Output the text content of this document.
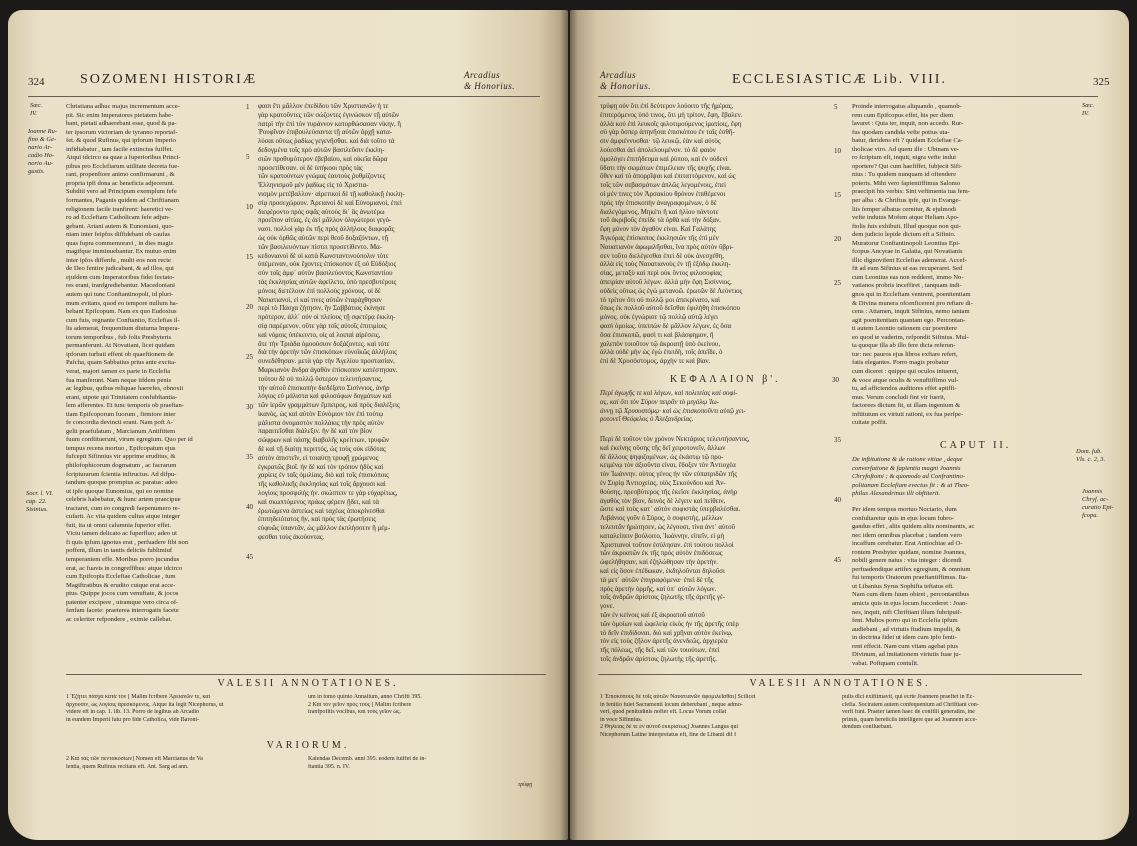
324	SOZOMENI HISTORIÆ	Arcadius
& Honorius.
Sæc.
IV.
Ioanne Ru-
fino & Ge-
nario Ar-
cadio Ho-
norio Au-
gustis.
Socr. l. VI.
cap. 22.
Sisinius.
Christiana adhuc majus incrementum acce-
pit. Sic enim Imperatores pietatem habe-
bant, pietati adhaerebant esse, quod & pa-
ter ipsorum victoriam de tyranno reportaf-
fet. & quod Rufinus, qui ipforum Imperio
infidiabatur , tam facile extinctus fuiffet.
Atqui idcirco ea quae a fuperioribus Princi-
pibus pro Ecclefiarum utilitate decreta fue-
rant, propenfiore animo confirmarunt , &
propria ipfi dona ac beneficia adjecerunt.
Subditi vero ad Principum exemplum fefe
formantes, Paganis quidem ad Chriftianam
religionem facile tranfirent: haeretici ve-
ro ad Ecclefiam Catholicam fefe adjun-
gebant. Ariani autem & Eunomiani, quo-
niam inter feipfos diffidebant ob caufas
quas fupra commemoravi , in dies magis
magifque imminuebantur. Ex mutuo enim
inter ipfos diffenfu , multi eos non recte
de Deo fentire judicabant, & ad illos, qui
ejufdem cum Imperatoribus fidei fectato-
res erant, tranfgrediebantur. Macedoniani
autem qui tunc Conftantinopoli, id pluri-
mum evitans, quod eo tempore nullum ha-
bebant Epifcopum. Nam ex quo Eudoxius
cum fuis, regnante Conftantio, Ecclefias il-
lis ademerat, frequentium diuturna Impera-
torum temporibus , fub folis Presbyteris
permanferunt. At Novatiani, licet quidam
ipforum turbati effent ob quaeftionem de
Pafcha, quam Sabbatius prius ante excita-
verat, majori tamen ex parte in Ecclefia
fua manferunt. Nam neque iifdem penis
ac legibus, quibus reliquae haerefes, obnoxii
erant, utpote qui Trinitatem confubftantia-
lem afferentes. Et tunc temporis ob praeftan-
tiam Epifcoporum fuorum , firmiore inter
fe concordia devincti erant. Nam poft A-
gelii praefulatum , Marcianum Antiftitem
fuum conftituerunt, virum egregium. Quo per id
tempus recens mortuo , Epifcopatum ejus
fufcepit Sifinnius vir apprime eruditus, &
philofophicorum dogmatum , ac facrarum
fcripturarum fcientia inftructus. Ad difpu-
tandum quoque promptus ac paratus: adeo
ut ipfe quoque Eunomius, qui eo nomine
celebris habebatur, & hunc artem praecipue
tractaret, cum eo congredi faepenumero re-
cufarit. Ac vita quidem cultus atque integer
fuit, ita ut omni calumnia fuperior effet.
Victu tamen delicato ac fuperfluo; adeo ut
fi quis ipfum ignotus erat , perfuadere fibi non
poffent, illum in tantis deliciis fublimiuf
temperantem effe. Moribus porro jucundus
erat, ac fuavis in congreffibus: atque idcirco
cum Epifcopis Ecclefiae Catholicae , tum
Magiftratibus & erudito cuique erat acce-
ptus. Quippe jocos cum venuftate, & jocos
patenter excipere , utramque vero circa of-
fenfam facete: praeterea interrogatis facete
ac celeriter refpondere , eximie callebat.
1
5
10
15
20
25
30
35
40
45
φασι ἔτι μᾶλλον ἐπεδίδου τῶν Χριστιανῶν ἡ τε
γὰρ κρατοῦντες τῶν σώζοντες ἐγινώσκον τῇ αὐτῶν
πατρὶ τὴν ἐπὶ τὸν τυράννον κατορθώσασαν νίκην, ἣ
Ῥουφῖνον ἐπιβουλεύσαντα τῇ αὐτῶν ἀρχῇ κατα-
λύσαι οὕτως ῥαδίως γεγενῆσθαι. καὶ διὰ τοῦτο τὰ
δεδογμένα τοῖς πρὸ αὐτῶν βασιλεῦσιν ἐκκλη-
σιῶν προθυμότερον ἐβεβαίου, καὶ οἰκεῖα δῶρα
προσετίθεσαν. οἱ δὲ ὑπήκοοι πρὸς τὰς
τῶν κρατούντων γνώμας ἑαυτοὺς ῥυθμίζοντες
Ἑλληνισμοῦ μὲν ῥᾳδίως εἰς τὸ Χριστια-
νισμὸν μετέβαλλον· αἱρετικοὶ δὲ τῇ καθολικῇ ἐκκλη-
σίᾳ προσεχώρουν. Ἀρειανοὶ δὲ καὶ Εὐνομιανοὶ, ἐπεὶ
διεφέροντο πρὸς σφᾶς αὐτοὺς δι᾽ ἃς ἀνωτέρω
προεῖπον αἰτίας, ἐς ἀεὶ μᾶλλον ὀλιγώτεροι γεγό-
νασι. πολλοὶ γὰρ ἐκ τῆς πρὸς ἀλλήλους διαφορᾶς
ὡς οὐκ ὀρθῶς αὐτῶν περὶ θεοῦ δοξαζόντων, τῇ
τῶν βασιλευόντων πίστει προσετίθεντο. Μα-
κεδονιανοὶ δὲ οἱ κατὰ Κωνσταντινούπολιν τότε
ὑπέμειναν, οὐκ ἔχοντες ἐπίσκοπον ἐξ οὗ Εὐδόξιος
σὺν τοῖς ἀμφ᾽ αὐτὸν βασιλεύοντος Κωνσταντίου
τὰς ἐκκλησίας αὐτῶν ἀφείλετο, ὑπὸ πρεσβυτέροις
μόνοις διετέλουν ἐπὶ πολλοὺς χρόνους. οἱ δὲ
Ναυατιανοὶ, εἰ καί τινες αὐτῶν ἐταράχθησαν
περὶ τὸ Πάσχα ζήτησιν, ἣν Σαββάτιος ἐκίνησε
πρότερον, ἀλλ᾽ οὖν οἱ πλείους τῇ σφετέρᾳ ἐκκλη-
σίᾳ παρέμενον. οὔτε γὰρ τοῖς αὐτοῖς ἐπιτιμίοις
καὶ νόμοις ὑπέκειντο, οἷς αἱ λοιπαὶ αἱρέσεις,
ἅτε τὴν Τριάδα ὁμοούσιον δοξάζοντες. καὶ τότε
διὰ τὴν ἀρετὴν τῶν ἐπισκόπων εὐνοϊκῶς ἀλλήλοις
συνεδέθησαν. μετὰ γὰρ τὴν Ἀγελίου προστασίαν,
Μαρκιανὸν ἄνδρα ἀγαθὸν ἐπίσκοπον κατέστησαν.
τούτου δὲ οὐ πολλῷ ὕστερον τελευτήσαντος,
τὴν αὐτοῦ ἐπισκοπὴν διεδέξατο Σισίννιος, ἀνὴρ
λόγιος εὖ μάλιστα καὶ φιλοσόφων δογμάτων καὶ
τῶν ἱερῶν γραμμάτων ἔμπειρος, καὶ πρὸς διαλέξεις
ἱκανὸς, ὡς καὶ αὐτὸν Εὐνόμιον τὸν ἐπὶ τούτῳ
μάλιστα ὀνομαστὸν πολλάκις τὴν πρὸς αὐτὸν
παραιτεῖσθαι διάλεξιν. ἦν δὲ καὶ τὸν βίον
σώφρων καὶ πάσης διαβολῆς κρείττων, τρυφῶν
δὲ καὶ τῇ διαίτῃ περιττός, ὡς τοὺς οὐκ εἰδότας
αὐτὸν ἀπιστεῖν, εἰ τοιαύτῃ τρυφῇ χρώμενος
ἐγκρατῶς βιοῖ. ἦν δὲ καὶ τὸν τρόπον ἡδὺς καὶ
χαρίεις ἐν ταῖς ὁμιλίαις, διὸ καὶ τοῖς ἐπισκόποις
τῆς καθολικῆς ἐκκλησίας καὶ τοῖς ἄρχουσι καὶ
λογίοις προσφιλὴς ἦν. σκώπτειν τε γὰρ εὐχαρίτως,
καὶ σκωπτόμενος πράως φέρειν ᾔδει, καὶ τὰ
ἐρωτώμενα ἀστείως καὶ ταχέως ἀποκρίνεσθαι
ἐπιτηδειότατος ἦν, καὶ πρὸς τὰς ἐρωτήσεις
εὐφυῶς ὑπαντᾶν, ὡς μᾶλλον ἐκπλήσσειν ἢ μέμ-
φεσθαι τοὺς ἀκούοντας.
VALESII ANNOTATIONES.
1 Ἐζήτει πάσχα κατὰ τὸν [ Malim fcribere Ἀρειανῶν τε, καὶ
ἄρχουσιν, ὡς λογίοις ἀρεσκόμενος. Atque ita legit Nicephorus, ut
videre eft in cap. 1. lib. 13. Porro de legibus ab Arcadio
in eundem Imperii fatu pro fide Catholica, vide Baroni-
um in tomo quinto Annalium, anno Chrifti 395.
2 Καὶ τὸν γεῖον πρὸς τοὺς [ Malim fcribere
tranfpofitis vocibus, καὶ τοὺς γεῖον ὡς.
VARIORUM.
2 Καὶ τὰς τῶν πεντακοσίων] Nomen eft Marcianus de Va
lentia, quem Rufinus recitans eft. Ant. Sarg ad ann.
Kalendas Decemb. anni 395. eodem fuiffet de in-
ftantia 395. n. IV.
τρύφῃ
Arcadius
& Honorius.	ECCLESIASTICÆ Lib. VIII.	325
Sæc.
IV.
Dom. fub.
Vls. c. 2, 3.
Joannis
Chryf. ac-
curatio Epi-
fcopa.
τρύφῃ οὖν ὅτι ἐπὶ δεύτερον λούοιτο τῆς ἡμέρας,
ἐπιτερόμενος ὑπό τινος, ὅτι μὴ τρίτον, ἔφη, ἔβαλεν.
ἀλλὰ κοὐ ἐπὶ λευκοῖς φιλοτιμούμενος ἱματίοις, ἔφη
σὺ γὰρ ὅσπερ ἀπηνῆσαι ἐπισκόπου ἐν ταῖς ἐσθῆ-
σιν ἀμφιέννυσθαι· τῷ λευκῷ, ἐὰν καὶ αὐτὸς
λούεσθαι ἀεὶ ἀπολελουμένον. τὸ δὲ φαιὸν
ὁμολόγει ἐπιτήδευμα καὶ ῥύπου, καὶ ἐν οὐδενὶ
ὕδατι τὴν σωμάτων ἐπιμέλειαν τῆς ψυχῆς εἶναι.
ὅθεν καὶ τὸ ἀπορρῖψαι καὶ ἐπιταττόμενον, καὶ ὡς
τοῖς τῶν σεβασμάτων ἁπλῶς λεγομένοις, ἐπεὶ
οἱ μέν τινες τὸν Ἀρσακίου θρόνον ἐπιθέμενοι
πρὸς τὴν ἐπισκοπὴν ἀναγραφομένων, ὁ δὲ
διαλεγόμενος, Μηκέτι ἢ καὶ ἡλίου πάντοτε
τοῦ ἀκριβοῦς ἐπείδε τὰ ὀρθὰ καὶ τὴν δόξαν.
ἔφη μόνον τὸν ἀγαθὸν εἶναι. Καὶ Γαλάτης
Ἀγκύρας ἐπίσκοπος ἐκκλησιῶν τῆς ἐπὶ μὲν
Ναυατιανὸν ἀφωμιλῆσθαι, ἵνα πρὸς αὐτὸν ὕβρι-
σεν τοῦτο διελέγεσθαι ἐπεὶ δὲ οὐκ ἀνεσχέθη,
ἀλλὰ εἰς τοὺς Ναυατιανοὺς ἐν τῇ ἐξόδῳ ἐκκλη-
σίας, μεταξὺ καὶ περὶ οὐκ ὄντος φιλοσοφίας
ἀπειρίαν αὐτοῦ λέγων. ἀλλὰ μὴν ἔφη Σισίννιος,
οὐδεὶς οὕτως ὡς ἐγὼ μετανοῶ. ἐρωτῶν δὲ Λεόντιος
τὸ τρίτον ὅτι οὐ πολλῷ μοι ἀπεκρίνατο, καὶ
ὅπως ἐκ πολλοῦ αὐτοῦ δεῖσθαι ἐφιλήθη ἐπισκόπου
μόνος. οὐκ ἐγνώρισε τῷ πολλῷ αὐτῷ λέγει
φασὶ ὁμοίως. ὑπειπὼν δὲ μᾶλλον λέγων, ἐς ὅσα
ὅσα ἐπισκοπῶ, φασὶ τι καὶ βλάσφημον, ἢ
χαλεπὸν τοιοῦτον τῷ ἀκροατῇ ὑπὸ ἐκείνου,
ἀλλὰ οὐδὲ μὴν ὡς ἐγὼ ἐπειδὴ, τοῖς ἀπεῖδε, ὁ
ἐπὶ δὲ Χρυσόστομος, ἀρχὴν τε καὶ βίαν.
5
10
15
20
25
Proinde interrogatus aliquando , quamob-
rem cum Epifcopus effet, his per diem
lavaret : Quia ter, inquit, non accedo. Rur-
fus quodam candida vefte potius uta-
batur, deridens eft ? quidam Ecclefiae Ca-
tholicae viro. Ad quem ille : Ubinam ve-
ro fcriptum eft, inquit, nigra vefte indui
oportere? Qui cum haefiffet, fubjecit Sifi-
nius : Tu quidem nunquam id oftendere
poteris. Mihi vero fapientiffimus Salomo
praecipit his verbis: Sint veftimenta tua fem-
per alba : & Chriftus ipfe, qui in Evange-
liis femper albatus cernitur, & ejulmodi
vefte indutus Mofem atque Heliam Apo-
ftolis fuis exhibuit. Illud quoque non qui-
dem judicio lepide dictum eft a Sifinio.
Muratorur Conftantinopoli Leontius Epi-
fcopus Ancyrae in Galatia, qui Novatianis
illic dignovifent Ecclefias ademerat. Accef-
fit ad eum Sifinius ut eas recuperaret. Sed
cum Leontius eas non redderet, immo No-
vatianos probris inceffiret , tanquam indi-
gnos qui in Ecclefiam venirent, poenitentiam
& Divina munera ofcenficerent pro reftare di-
cens : Attamen, inquit Sifinius, nemo tantam
agit poenitentiam quantam ego. Percontan-
ti autem Leontio rationem cur poenitere
eo quod te vaderim, refpondit Sifinius. Mul-
ta quoque illa ab illo fere dicta referun-
tur: nec pauros ejus libros exftare refert,
fatis elegantes. Porro magis probatur
cum diceret : quippe qui oculos intueret,
& voce atque oculis & venuftiffimo vul-
tu, ad afficiendos auditores effet aptiffi-
mus. Verum concludi fint vir fuerit,
factorees dictum fit, ut illam ingenium &
inftitutum ex virtuti rationi, ex fua perfpe-
cuitate poffit.
ΚΕΦΑΛΑΙΟΝ β'.	30
CAPUT II.
Περὶ ἀγωγῆς τε καὶ λόγων, καὶ πολιτείας καὶ σοφί-
ας, καὶ ὅτι τὸν Σύρον πειρᾶν τὸ μεγάλῳ Ἰω-
άννῃ τῷ Χρυσοστόμῳ· καὶ ὡς ἐπισκοποῦντι αὐτῷ χει-
ροτονεῖ Θεόφιλος ὁ Ἀλεξανδρείας.
De inftitutione & de ratione vitiae , deque
converfatione & fapientia magni Joannis
Chryfoftomi ; & quomodo ad Confrantino-
politanam Ecclefiam evectus fit : & ut Theo-
philus Alexandrinus illi obftiterit.
Περὶ δὲ τοῦτον τὸν χρόνον Νεκτάριος τελευτήσαντος,
καὶ ἐκείνης οὔσης τῆς δεῖ χειροτονεῖν, ἄλλων
δὲ ἄλλους ψηφιζομένων, ὡς ἐκάστῳ τῷ προ-
κειμένῳ τὸν ἀξιοῦντα εἶναι, ἔδοξεν τὸν Ἀντιοχέα
τὸν Ἰωάννην. οὗτος γένος ἦν τῶν εὐπατριδῶν τῆς
ἐν Συρίᾳ Ἀντιοχείας, υἱὸς Σεκούνδου καὶ Ἀν-
θούσης, πρεσβύτερος τῆς ἐκεῖσε ἐκκλησίας, ἀνὴρ
ἀγαθὸς τὸν βίον, δεινὸς δὲ λέγειν καὶ πείθειν,
ὥστε καὶ τοὺς κατ᾽ αὐτὸν σοφιστὰς ὑπερβαλέσθαι.
Λιβάνιος γοῦν ὁ Σύρος, ὁ σοφιστὴς, μέλλων
τελευτᾶν ἠρώτησεν, ὡς λέγουσι, τίνα ἀντ᾽ αὐτοῦ
καταλείπειν βούλοιτο, Ἰωάννην, εἰπεῖν, εἰ μὴ
Χριστιανοὶ τοῦτον ἐσύλησαν. ἐπὶ τούτου πολλοὶ
τῶν ἀκροατῶν ἐκ τῆς πρὸς αὐτὸν ἐπιδόσεως
ὠφελήθησαν, καὶ ἐζηλώθησαν τὴν ἀρετὴν.
καὶ εἰς ὅσον ἐπέδωκαν, ἐκδηλοῦνται δηλοῦσι
τὰ μετ᾽ αὐτῶν ἐπιγραφόμενα· ἐπεὶ δὲ τῆς
πρὸς ἀρετὴν ὁρμῆς, καὶ ὑπ᾽ αὐτῶν λόγων.
τοῖς ἀνδρῶν ἀρίστοις ζηλωτὴς τῆς ἀρετῆς γέ-
γονε.
τῶν ἐν κείνοις καὶ ἐξ ἀκροατοῦ αὐτοῦ
τῶν ὁμοίων καὶ ὠφελείᾳ εἰκὸς ἦν τῆς ἀρετῆς ὑπὲρ
τὸ δεῖν ἐπιδίδοναι. διὸ καὶ χρῆναι αὐτὸν ἐκείνῳ,
τὸν εἰς τοὺς ζῆλον ἀρετῆς ἀνενδεῶς, ἀρχιερέα
τῆς πόλεως, τῆς δεῖ, καὶ τῶν τοιούτων, ἐπεὶ
τοῖς ἀνδρῶν ἀρίστοις ζηλωτὴς τῆς ἀρετῆς.
35
40
45
Per idem tempus mortuo Noctario, dum
confultaretur quis in ejus locum fubro-
gandus effet , aliis quidem aliis nominantis, ac
nec idem omnibus placebat ; tandem vero
incaffum cerebatur. Erat Antiochiae ad O-
rontem Presbyter quidam, nomine Joannes,
nobili genere natus : vita integer : dicendi
perfuadendique artifex egregium, & omnium
fui temporis Oratorum praeftantiffimus. Ita-
ut Libanius Syrus Sophifta teftatus eft.
Nam cum diem fuum obiret , percontantibus
amicis quis in ejus locum fuccederet : Joan-
nes, inquit, nifi Chriftiani illum fubripuif-
fent. Multos porro qui in Ecclefia ipfum
audiebant , ad virtutis ftudium impulit, &
in doctrina fidei ut idem cum ipfo fenti-
rent effecit. Nam cum vitam agebat pius
Divinum, ad imitationem virtutis fuae ju-
vabat. Poftquam contulit.
VALESII ANNOTATIONES.
1 Ἐπισκόπους δὲ τοῖς αὐτῶν Ναυατιανῶν ἀφομιλεῖσθαι] Scilicet
in fenitio fuiet Sacramenti locum deberebant , neque admo-
veri, quod penitudinis nofter eft. Locus Vorum collat
in voce Sifinnius.
2 Θηλείας δὲ τε ἐν αὐτοῦ ἐκκρίσεως] Joannes Langus qui
Nicephorum Latine interpretatus eft, fine de Libanii dif f
pulis dici exiftimavit, qui ecrte Joannem praeftet in Ec-
clefia. Sociratem autem confequenium ad Chriftiani con-
verfi funt. Praeter tamen haec de confilii generatim, ine
primis, quam hereticiis intelligere que ad Joannem acce-
dendum confluebant.
